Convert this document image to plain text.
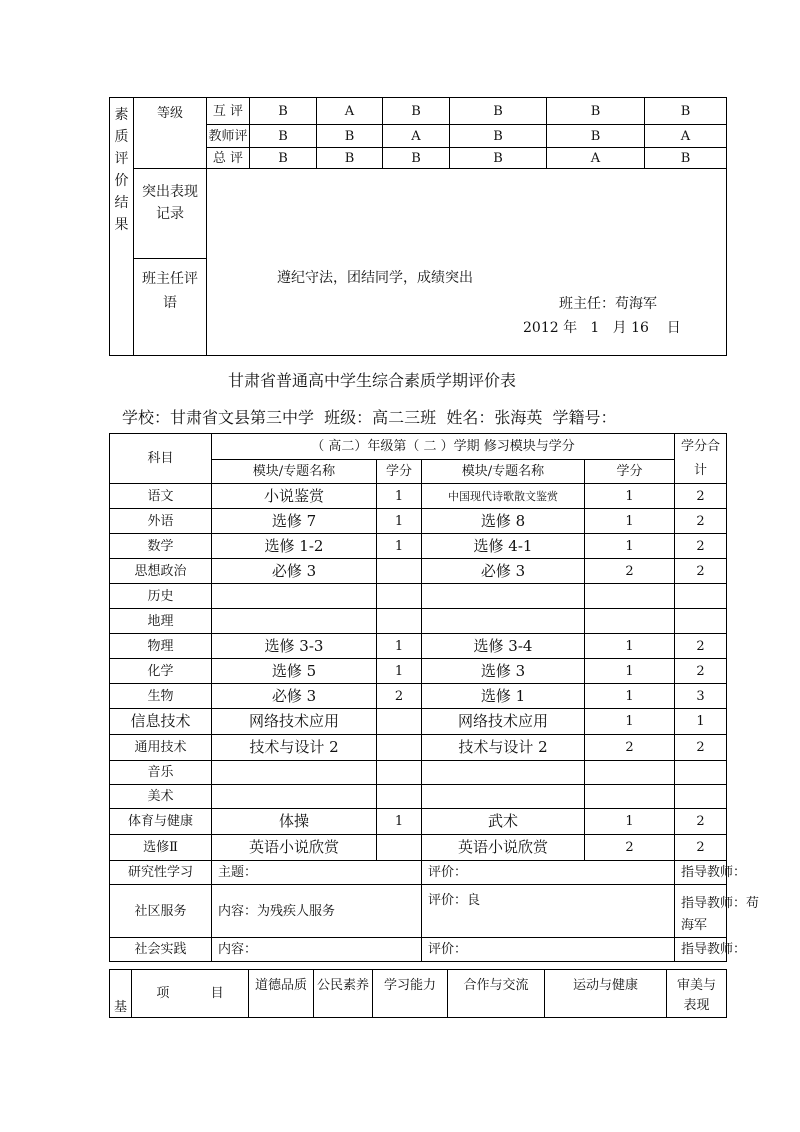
素质评价结果	等级	互 评	B	A	B	B	B	B
		教师评	B	B	A	B	B	A
		总 评	B	B	B	B	A	B

	突出表现记录							

	班主任评语	遵纪守法，团结同学，成绩突出
班主任：苟海军
2012 年   1   月 16    日						
甘肃省普通高中学生综合素质学期评价表
学校：甘肃省文县第三中学  班级：高二三班  姓名：张海英  学籍号：
科目	（ 高二）年级第（ 二 ）学期 修习模块与学分				学分合计

	模块/专题名称	学分	模块/专题名称	学分	
语文	小说鉴赏	1	中国现代诗歌散文鉴赏	1	2
外语	选修 7	1	选修 8	1	2
数学	选修 1-2	1	选修 4-1	1	2
思想政治	必修 3		必修 3	2	2
历史					
地理					
物理	选修 3-3	1	选修 3-4	1	2
化学	选修 5	1	选修 3	1	2
生物	必修 3	2	选修 1	1	3
信息技术	网络技术应用		网络技术应用	1	1
通用技术	技术与设计 2		技术与设计 2	2	2
音乐					
美术					
体育与健康	体操	1	武术	1	2
选修Ⅱ	英语小说欣赏		英语小说欣赏	2	2
研究性学习	主题：		评价：		指导教师：
社区服务	内容：为残疾人服务		评价：良		指导教师：苟海军

社会实践	内容：		评价：		指导教师：
基	项          目	道德品质	公民素养	学习能力	合作与交流	运动与健康	审美与表现
